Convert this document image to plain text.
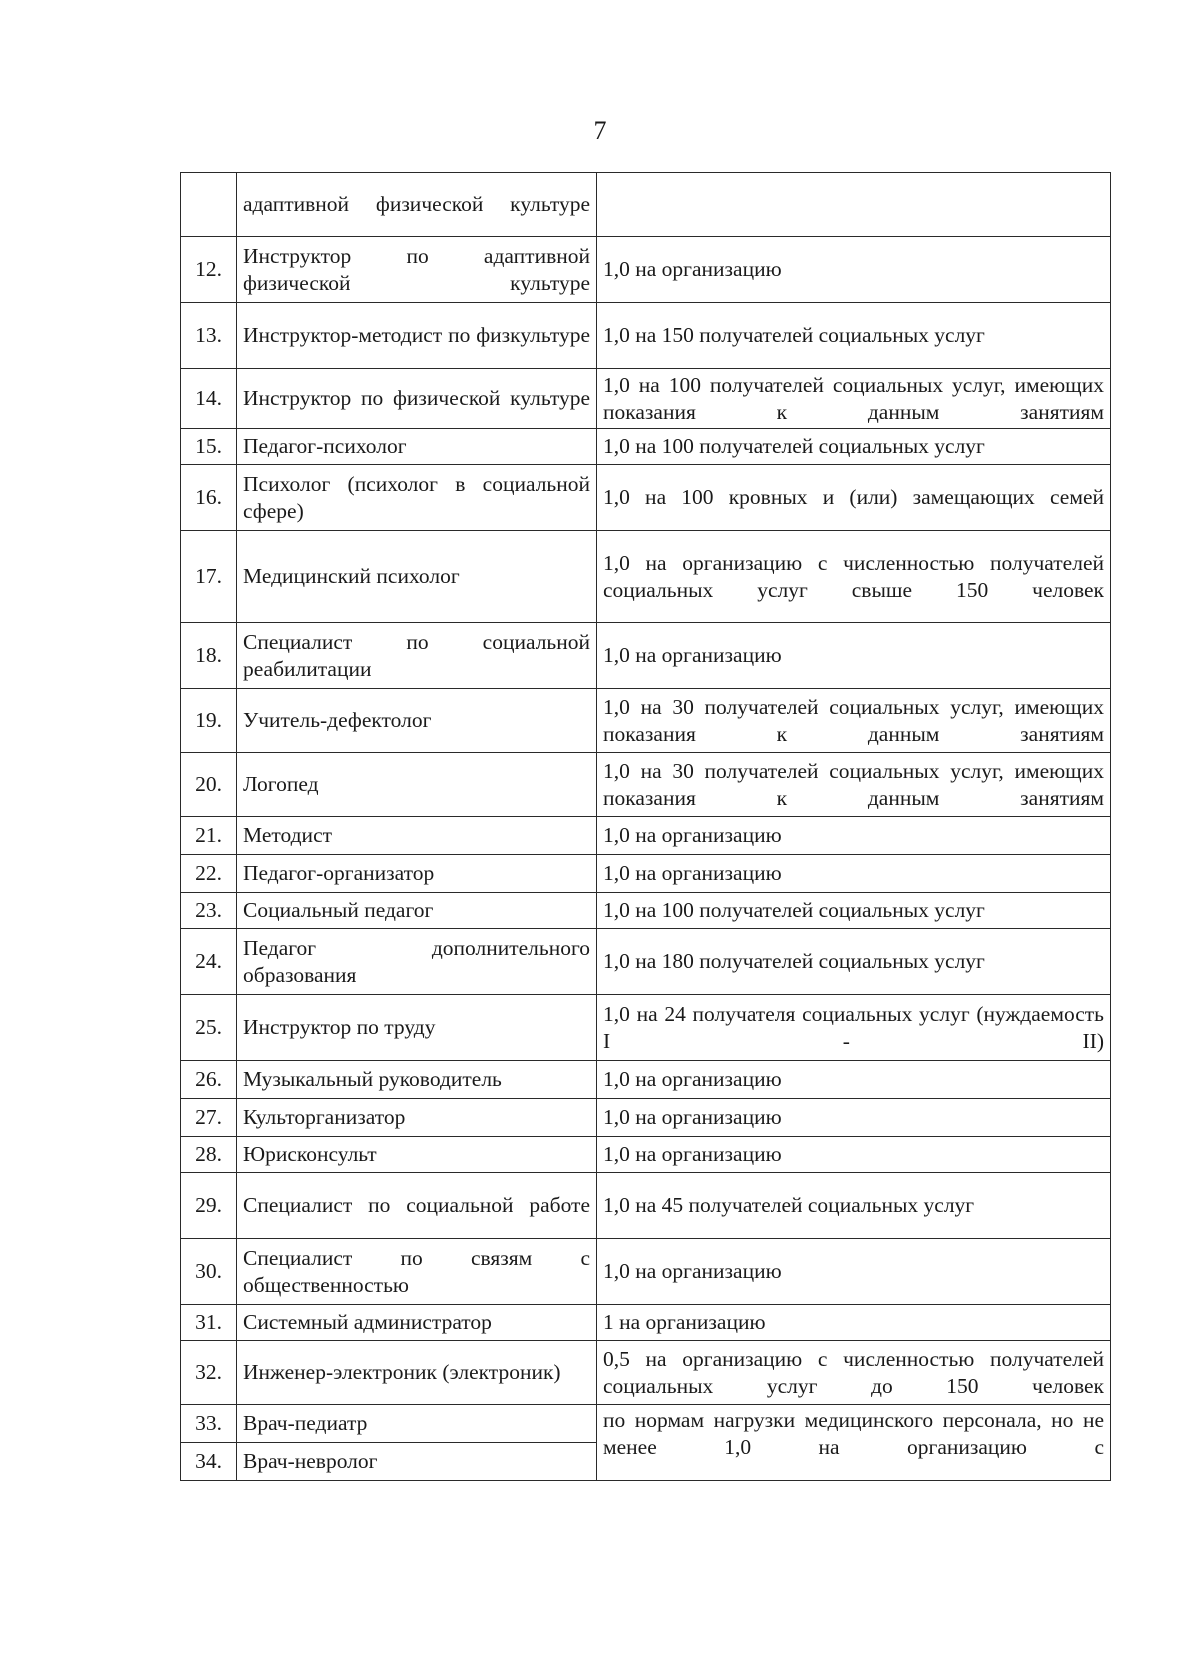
7
	адаптивной физической культуре	
12.	Инструктор по адаптивной физической культуре	1,0 на организацию
13.	Инструктор-методист по физкультуре	1,0 на 150 получателей социальных услуг
14.	Инструктор по физической культуре	1,0 на 100 получателей социальных услуг, имеющих показания к данным занятиям
15.	Педагог-психолог	1,0 на 100 получателей социальных услуг
16.	Психолог (психолог в социальной сфере)	1,0 на 100 кровных и (или) замещающих семей
17.	Медицинский психолог	1,0 на организацию с численностью получателей социальных услуг свыше 150 человек
18.	Специалист по социальной реабилитации	1,0 на организацию
19.	Учитель-дефектолог	1,0 на 30 получателей социальных услуг, имеющих показания к данным занятиям
20.	Логопед	1,0 на 30 получателей социальных услуг, имеющих показания к данным занятиям
21.	Методист	1,0 на организацию
22.	Педагог-организатор	1,0 на организацию
23.	Социальный педагог	1,0 на 100 получателей социальных услуг
24.	Педагог дополнительного образования	1,0 на 180 получателей социальных услуг
25.	Инструктор по труду	1,0 на 24 получателя социальных услуг (нуждаемость I - II)
26.	Музыкальный руководитель	1,0 на организацию
27.	Культорганизатор	1,0 на организацию
28.	Юрисконсульт	1,0 на организацию
29.	Специалист по социальной работе	1,0 на 45 получателей социальных услуг
30.	Специалист по связям с общественностью	1,0 на организацию
31.	Системный администратор	1 на организацию
32.	Инженер-электроник (электроник)	0,5 на организацию с численностью получателей социальных услуг до 150 человек
33.	Врач-педиатр	по нормам нагрузки медицинского персонала, но не менее 1,0 на организацию с
34.	Врач-невролог	
